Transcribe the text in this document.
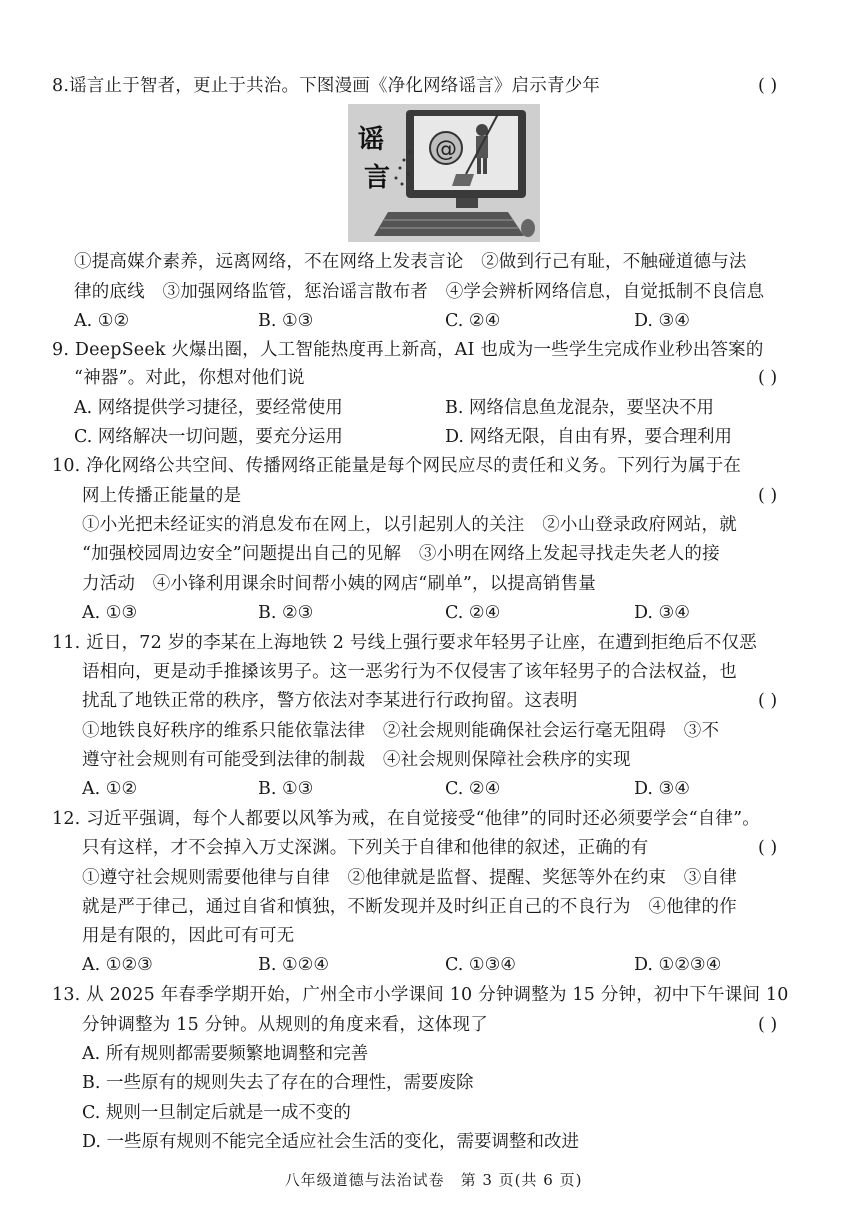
8.谣言止于智者，更止于共治。下图漫画《净化网络谣言》启示青少年	( )
@
谣
言
①提高媒介素养，远离网络，不在网络上发表言论　②做到行己有耻，不触碰道德与法
律的底线　③加强网络监管，惩治谣言散布者　④学会辨析网络信息，自觉抵制不良信息
A. ①②	B. ①③	C. ②④	D. ③④
9. DeepSeek 火爆出圈，人工智能热度再上新高，AI 也成为一些学生完成作业秒出答案的
“神器”。对此，你想对他们说	( )
A. 网络提供学习捷径，要经常使用	B. 网络信息鱼龙混杂，要坚决不用
C. 网络解决一切问题，要充分运用	D. 网络无限，自由有界，要合理利用
10. 净化网络公共空间、传播网络正能量是每个网民应尽的责任和义务。下列行为属于在
网上传播正能量的是	( )
①小光把未经证实的消息发布在网上，以引起别人的关注　②小山登录政府网站，就
“加强校园周边安全”问题提出自己的见解　③小明在网络上发起寻找走失老人的接
力活动　④小锋利用课余时间帮小姨的网店“刷单”，以提高销售量
A. ①③	B. ②③	C. ②④	D. ③④
11. 近日，72 岁的李某在上海地铁 2 号线上强行要求年轻男子让座，在遭到拒绝后不仅恶
语相向，更是动手推搡该男子。这一恶劣行为不仅侵害了该年轻男子的合法权益，也
扰乱了地铁正常的秩序，警方依法对李某进行行政拘留。这表明	( )
①地铁良好秩序的维系只能依靠法律　②社会规则能确保社会运行毫无阻碍　③不
遵守社会规则有可能受到法律的制裁　④社会规则保障社会秩序的实现
A. ①②	B. ①③	C. ②④	D. ③④
12. 习近平强调，每个人都要以风筝为戒，在自觉接受“他律”的同时还必须要学会“自律”。
只有这样，才不会掉入万丈深渊。下列关于自律和他律的叙述，正确的有	( )
①遵守社会规则需要他律与自律　②他律就是监督、提醒、奖惩等外在约束　③自律
就是严于律己，通过自省和慎独，不断发现并及时纠正自己的不良行为　④他律的作
用是有限的，因此可有可无
A. ①②③	B. ①②④	C. ①③④	D. ①②③④
13. 从 2025 年春季学期开始，广州全市小学课间 10 分钟调整为 15 分钟，初中下午课间 10
分钟调整为 15 分钟。从规则的角度来看，这体现了	( )
A. 所有规则都需要频繁地调整和完善
B. 一些原有的规则失去了存在的合理性，需要废除
C. 规则一旦制定后就是一成不变的
D. 一些原有规则不能完全适应社会生活的变化，需要调整和改进
八年级道德与法治试卷　第 3 页(共 6 页)
